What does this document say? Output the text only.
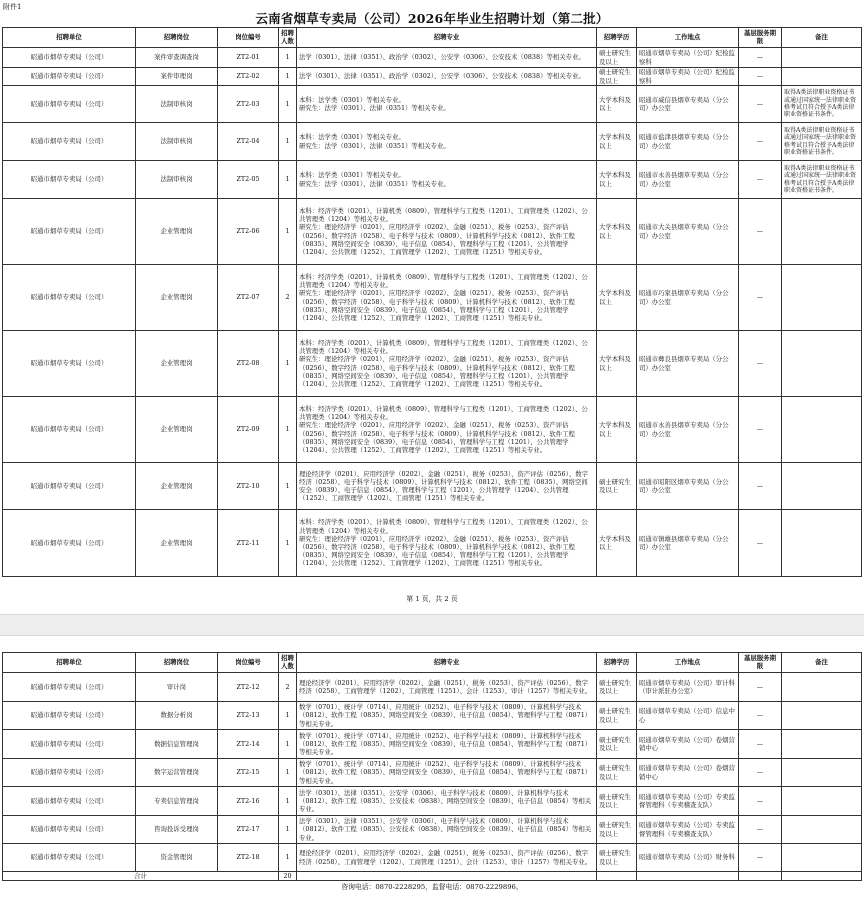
附件1
云南省烟草专卖局（公司）2026年毕业生招聘计划（第二批）
招聘单位	招聘岗位	岗位编号	招聘人数	招聘专业	招聘学历	工作地点	基层服务期限	备注
昭通市烟草专卖局（公司）	案件审查调查岗	ZT2-01	1	法学（0301）、法律（0351）、政治学（0302）、公安学（0306）、公安技术（0838）等相关专业。	硕士研究生及以上	昭通市烟草专卖局（公司）纪检监察科	—	
昭通市烟草专卖局（公司）	案件审理岗	ZT2-02	1	法学（0301）、法律（0351）、政治学（0302）、公安学（0306）、公安技术（0838）等相关专业。	硕士研究生及以上	昭通市烟草专卖局（公司）纪检监察科	—	
昭通市烟草专卖局（公司）	法制审核岗	ZT2-03	1	本科：法学类（0301）等相关专业。
研究生：法学（0301）、法律（0351）等相关专业。	大学本科及以上	昭通市威信县烟草专卖局（分公司）办公室	—	取得A类法律职业资格证书或通过国家统一法律职业资格考试且符合授予A类法律职业资格证书条件。
昭通市烟草专卖局（公司）	法制审核岗	ZT2-04	1	本科：法学类（0301）等相关专业。
研究生：法学（0301）、法律（0351）等相关专业。	大学本科及以上	昭通市盐津县烟草专卖局（分公司）办公室	—	取得A类法律职业资格证书或通过国家统一法律职业资格考试且符合授予A类法律职业资格证书条件。
昭通市烟草专卖局（公司）	法制审核岗	ZT2-05	1	本科：法学类（0301）等相关专业。
研究生：法学（0301）、法律（0351）等相关专业。	大学本科及以上	昭通市永善县烟草专卖局（分公司）办公室	—	取得A类法律职业资格证书或通过国家统一法律职业资格考试且符合授予A类法律职业资格证书条件。
昭通市烟草专卖局（公司）	企业管理岗	ZT2-06	1	本科：经济学类（0201）、计算机类（0809）、管理科学与工程类（1201）、工商管理类（1202）、公共管理类（1204）等相关专业。
研究生：理论经济学（0201）、应用经济学（0202）、金融（0251）、税务（0253）、资产评估（0256）、数字经济（0258）、电子科学与技术（0809）、计算机科学与技术（0812）、软件工程（0835）、网络空间安全（0839）、电子信息（0854）、管理科学与工程（1201）、公共管理学（1204）、公共管理（1252）、工商管理学（1202）、工商管理（1251）等相关专业。	大学本科及以上	昭通市大关县烟草专卖局（分公司）办公室	—	
昭通市烟草专卖局（公司）	企业管理岗	ZT2-07	2	本科：经济学类（0201）、计算机类（0809）、管理科学与工程类（1201）、工商管理类（1202）、公共管理类（1204）等相关专业。
研究生：理论经济学（0201）、应用经济学（0202）、金融（0251）、税务（0253）、资产评估（0256）、数字经济（0258）、电子科学与技术（0809）、计算机科学与技术（0812）、软件工程（0835）、网络空间安全（0839）、电子信息（0854）、管理科学与工程（1201）、公共管理学（1204）、公共管理（1252）、工商管理学（1202）、工商管理（1251）等相关专业。	大学本科及以上	昭通市巧家县烟草专卖局（分公司）办公室	—	
昭通市烟草专卖局（公司）	企业管理岗	ZT2-08	1	本科：经济学类（0201）、计算机类（0809）、管理科学与工程类（1201）、工商管理类（1202）、公共管理类（1204）等相关专业。
研究生：理论经济学（0201）、应用经济学（0202）、金融（0251）、税务（0253）、资产评估（0256）、数字经济（0258）、电子科学与技术（0809）、计算机科学与技术（0812）、软件工程（0835）、网络空间安全（0839）、电子信息（0854）、管理科学与工程（1201）、公共管理学（1204）、公共管理（1252）、工商管理学（1202）、工商管理（1251）等相关专业。	大学本科及以上	昭通市彝良县烟草专卖局（分公司）办公室	—	
昭通市烟草专卖局（公司）	企业管理岗	ZT2-09	1	本科：经济学类（0201）、计算机类（0809）、管理科学与工程类（1201）、工商管理类（1202）、公共管理类（1204）等相关专业。
研究生：理论经济学（0201）、应用经济学（0202）、金融（0251）、税务（0253）、资产评估（0256）、数字经济（0258）、电子科学与技术（0809）、计算机科学与技术（0812）、软件工程（0835）、网络空间安全（0839）、电子信息（0854）、管理科学与工程（1201）、公共管理学（1204）、公共管理（1252）、工商管理学（1202）、工商管理（1251）等相关专业。	大学本科及以上	昭通市永善县烟草专卖局（分公司）办公室	—	
昭通市烟草专卖局（公司）	企业管理岗	ZT2-10	1	理论经济学（0201）、应用经济学（0202）、金融（0251）、税务（0253）、资产评估（0256）、数字经济（0258）、电子科学与技术（0809）、计算机科学与技术（0812）、软件工程（0835）、网络空间安全（0839）、电子信息（0854）、管理科学与工程（1201）、公共管理学（1204）、公共管理（1252）、工商管理学（1202）、工商管理（1251）等相关专业。	硕士研究生及以上	昭通市昭阳区烟草专卖局（分公司）办公室	—	
昭通市烟草专卖局（公司）	企业管理岗	ZT2-11	1	本科：经济学类（0201）、计算机类（0809）、管理科学与工程类（1201）、工商管理类（1202）、公共管理类（1204）等相关专业。
研究生：理论经济学（0201）、应用经济学（0202）、金融（0251）、税务（0253）、资产评估（0256）、数字经济（0258）、电子科学与技术（0809）、计算机科学与技术（0812）、软件工程（0835）、网络空间安全（0839）、电子信息（0854）、管理科学与工程（1201）、公共管理学（1204）、公共管理（1252）、工商管理学（1202）、工商管理（1251）等相关专业。	大学本科及以上	昭通市镇雄县烟草专卖局（分公司）办公室	—	
第 1 页，共 2 页
招聘单位	招聘岗位	岗位编号	招聘人数	招聘专业	招聘学历	工作地点	基层服务期限	备注
昭通市烟草专卖局（公司）	审计岗	ZT2-12	2	理论经济学（0201）、应用经济学（0202）、金融（0251）、税务（0253）、资产评估（0256）、数字经济（0258）、工商管理学（1202）、工商管理（1251）、会计（1253）、审计（1257）等相关专业。	硕士研究生及以上	昭通市烟草专卖局（公司）审计科（审计派驻办公室）	—	
昭通市烟草专卖局（公司）	数据分析岗	ZT2-13	1	数学（0701）、统计学（0714）、应用统计（0252）、电子科学与技术（0809）、计算机科学与技术（0812）、软件工程（0835）、网络空间安全（0839）、电子信息（0854）、管理科学与工程（0871）等相关专业。	硕士研究生及以上	昭通市烟草专卖局（公司）信息中心	—	
昭通市烟草专卖局（公司）	数据信息管理岗	ZT2-14	1	数学（0701）、统计学（0714）、应用统计（0252）、电子科学与技术（0809）、计算机科学与技术（0812）、软件工程（0835）、网络空间安全（0839）、电子信息（0854）、管理科学与工程（0871）等相关专业。	硕士研究生及以上	昭通市烟草专卖局（公司）卷烟营销中心	—	
昭通市烟草专卖局（公司）	数字运营管理岗	ZT2-15	1	数学（0701）、统计学（0714）、应用统计（0252）、电子科学与技术（0809）、计算机科学与技术（0812）、软件工程（0835）、网络空间安全（0839）、电子信息（0854）、管理科学与工程（0871）等相关专业。	硕士研究生及以上	昭通市烟草专卖局（公司）卷烟营销中心	—	
昭通市烟草专卖局（公司）	专卖信息管理岗	ZT2-16	1	法学（0301）、法律（0351）、公安学（0306）、电子科学与技术（0809）、计算机科学与技术（0812）、软件工程（0835）、公安技术（0838）、网络空间安全（0839）、电子信息（0854）等相关专业。	硕士研究生及以上	昭通市烟草专卖局（公司）专卖监督管理科（专卖稽查支队）	—	
昭通市烟草专卖局（公司）	咨询投诉受理岗	ZT2-17	1	法学（0301）、法律（0351）、公安学（0306）、电子科学与技术（0809）、计算机科学与技术（0812）、软件工程（0835）、公安技术（0838）、网络空间安全（0839）、电子信息（0854）等相关专业。	硕士研究生及以上	昭通市烟草专卖局（公司）专卖监督管理科（专卖稽查支队）	—	
昭通市烟草专卖局（公司）	资金管理岗	ZT2-18	1	理论经济学（0201）、应用经济学（0202）、金融（0251）、税务（0253）、资产评估（0256）、数字经济（0258）、工商管理学（1202）、工商管理（1251）、会计（1253）、审计（1257）等相关专业。	硕士研究生及以上	昭通市烟草专卖局（公司）财务科	—	
合计			20					
咨询电话：0870-2228295，监督电话：0870-2229896。
